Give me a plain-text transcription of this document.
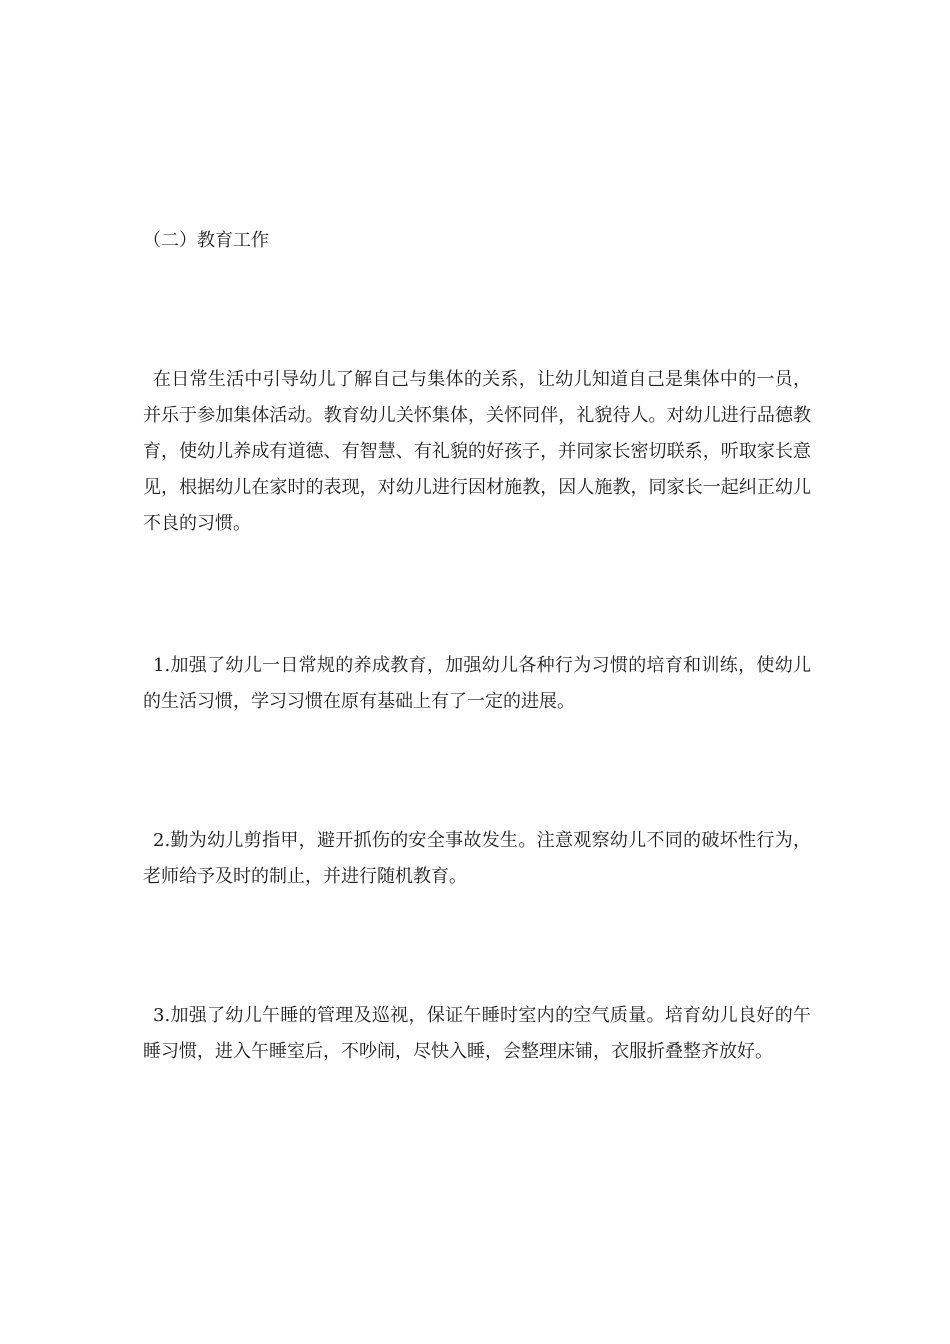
（二）教育工作

在日常生活中引导幼儿了解自己与集体的关系，让幼儿知道自己是集体中的一员，并乐于参加集体活动。教育幼儿关怀集体，关怀同伴，礼貌待人。对幼儿进行品德教育，使幼儿养成有道德、有智慧、有礼貌的好孩子，并同家长密切联系，听取家长意见，根据幼儿在家时的表现，对幼儿进行因材施教，因人施教，同家长一起纠正幼儿不良的习惯。

1.加强了幼儿一日常规的养成教育，加强幼儿各种行为习惯的培育和训练，使幼儿的生活习惯，学习习惯在原有基础上有了一定的进展。

2.勤为幼儿剪指甲，避开抓伤的安全事故发生。注意观察幼儿不同的破坏性行为，老师给予及时的制止，并进行随机教育。

3.加强了幼儿午睡的管理及巡视，保证午睡时室内的空气质量。培育幼儿良好的午睡习惯，进入午睡室后，不吵闹，尽快入睡，会整理床铺，衣服折叠整齐放好。
